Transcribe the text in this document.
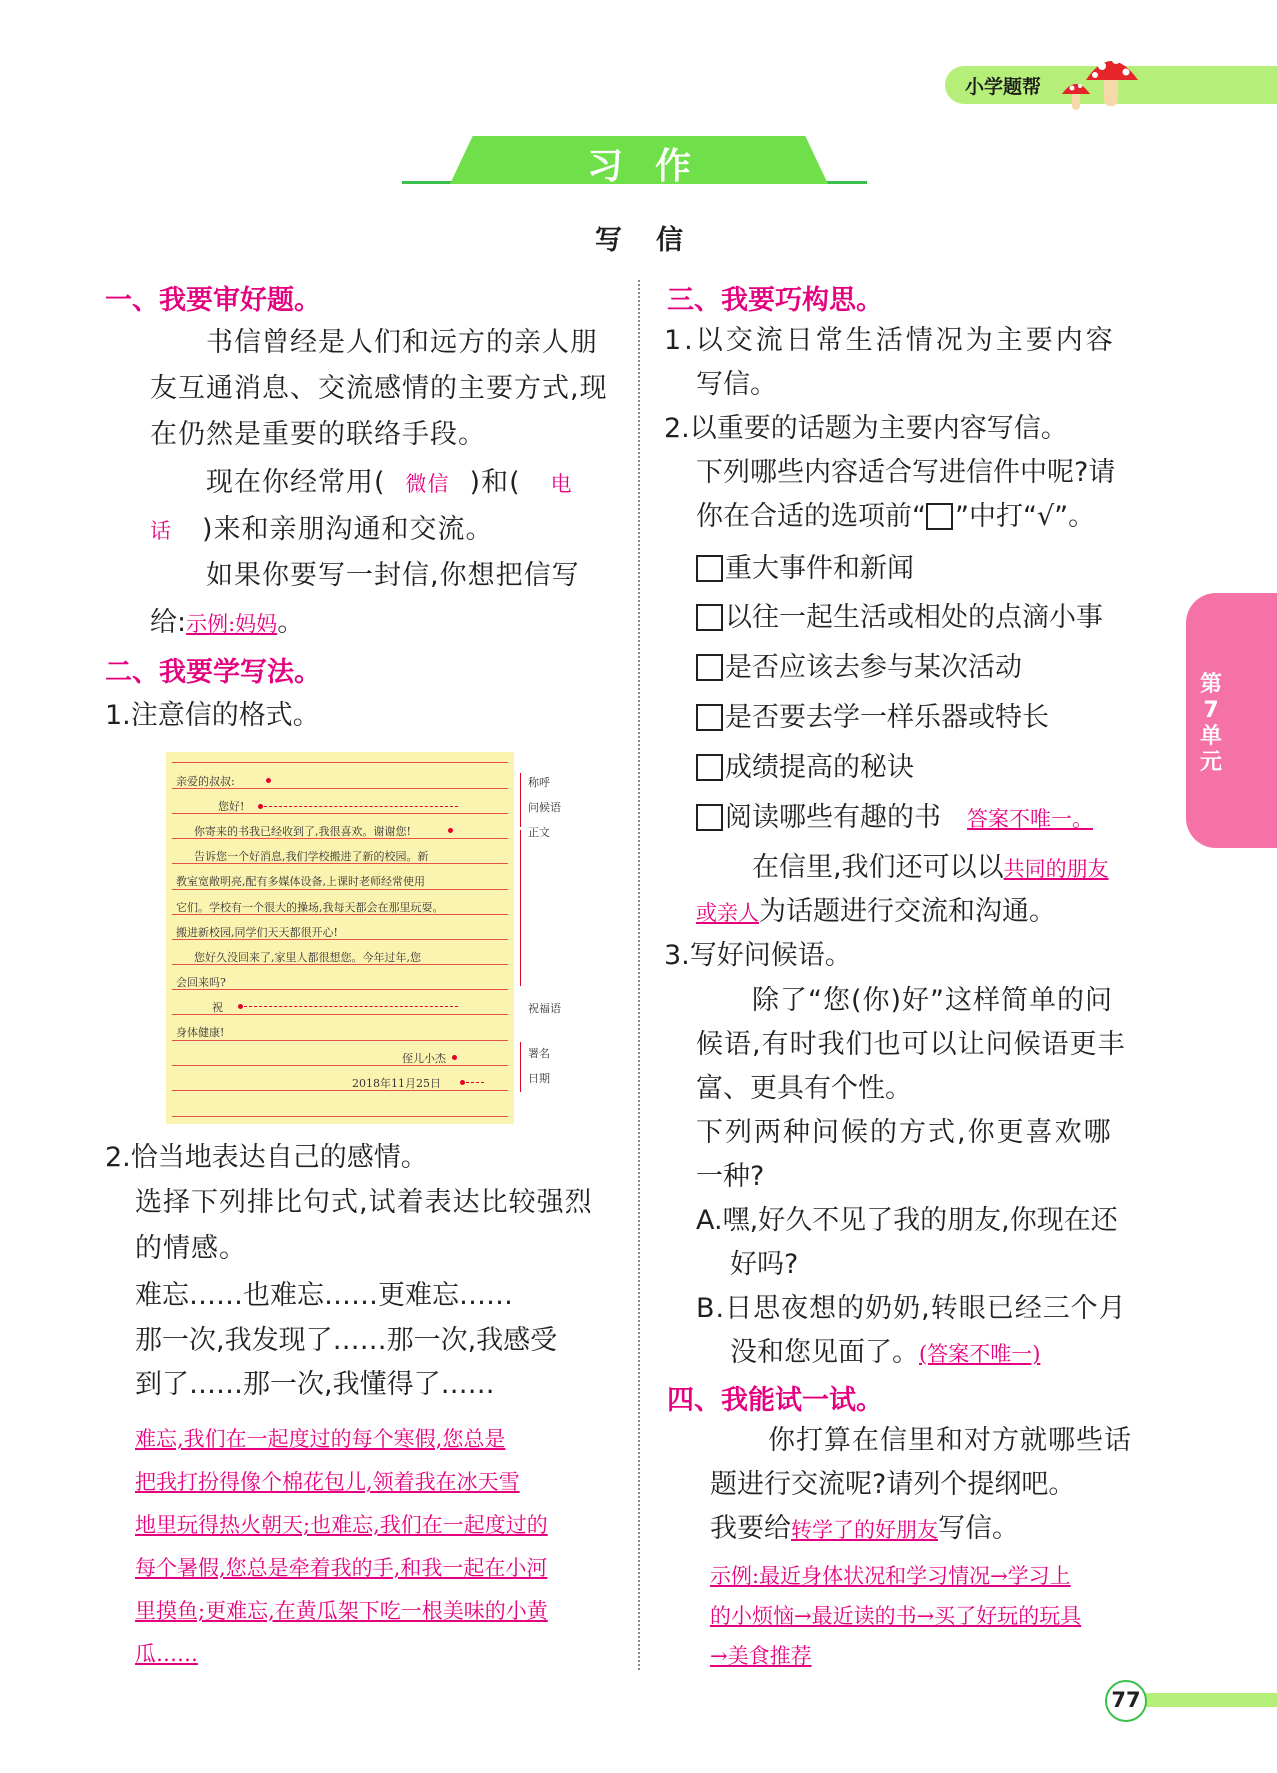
小学题帮
习作
写信
一、我要审好题。
书信曾经是人们和远方的亲人朋友互通消息、交流感情的主要方式,现在仍然是重要的联络手段。
现在你经常用( 微信 )和( 电
话 )来和亲朋沟通和交流。
如果你要写一封信,你想把信写
给:示例:妈妈。
二、我要学写法。
1.注意信的格式。
亲爱的叔叔:
您好!
你寄来的书我已经收到了,我很喜欢。谢谢您!
告诉您一个好消息,我们学校搬进了新的校园。新
教室宽敞明亮,配有多媒体设备,上课时老师经常使用
它们。学校有一个很大的操场,我每天都会在那里玩耍。
搬进新校园,同学们天天都很开心!
您好久没回来了,家里人都很想您。今年过年,您
会回来吗?
祝
身体健康!
侄儿小杰
2018年11月25日
称呼
问候语
正文
祝福语
署名
日期
2.恰当地表达自己的感情。
选择下列排比句式,试着表达比较强烈的情感。
难忘……也难忘……更难忘……
那一次,我发现了……那一次,我感受
到了……那一次,我懂得了……
难忘,我们在一起度过的每个寒假,您总是
把我打扮得像个棉花包儿,领着我在冰天雪
地里玩得热火朝天;也难忘,我们在一起度过的
每个暑假,您总是牵着我的手,和我一起在小河
里摸鱼;更难忘,在黄瓜架下吃一根美味的小黄
瓜……
三、我要巧构思。
1.以交流日常生活情况为主要内容
写信。
2.以重要的话题为主要内容写信。
下列哪些内容适合写进信件中呢?请
你在合适的选项前“ ”中打“√”。
重大事件和新闻
以往一起生活或相处的点滴小事
是否应该去参与某次活动
是否要去学一样乐器或特长
成绩提高的秘诀
阅读哪些有趣的书 答案不唯一。
在信里,我们还可以以共同的朋友
或亲人为话题进行交流和沟通。
3.写好问候语。
除了“您(你)好”这样简单的问
候语,有时我们也可以让问候语更丰
富、更具有个性。
下列两种问候的方式,你更喜欢哪
一种?
A.嘿,好久不见了我的朋友,你现在还
好吗?
B.日思夜想的奶奶,转眼已经三个月
没和您见面了。(答案不唯一)
四、我能试一试。
你打算在信里和对方就哪些话
题进行交流呢?请列个提纲吧。
我要给转学了的好朋友写信。
示例:最近身体状况和学习情况→学习上
的小烦恼→最近读的书→买了好玩的玩具
→美食推荐
第7单元
77
